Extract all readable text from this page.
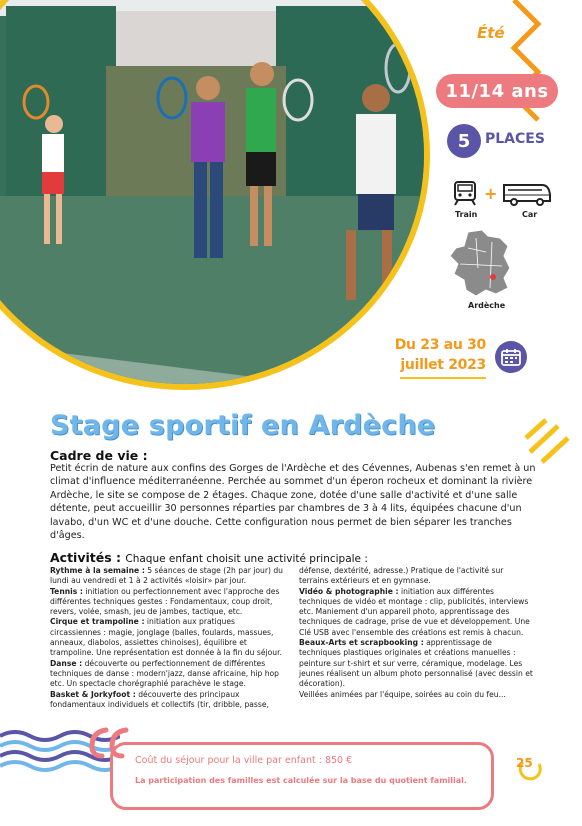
Été
11/14 ans
5	PLACES
+
Train	Car
Ardèche
Du 23 au 30
juillet 2023
Stage sportif en Ardèche
Cadre de vie :
Petit écrin de nature aux confins des Gorges de l'Ardèche et des Cévennes, Aubenas s'en remet à un climat d'influence méditerranéenne. Perchée au sommet d'un éperon rocheux et dominant la rivière Ardèche, le site se compose de 2 étages. Chaque zone, dotée d'une salle d'activité et d'une salle détente, peut accueillir 30 personnes réparties par chambres de 3 à 4 lits, équipées chacune d'un lavabo, d'un WC et d'une douche. Cette configuration nous permet de bien séparer les tranches d'âges.
Activités : Chaque enfant choisit une activité principale :
Rythme à la semaine : 5 séances de stage (2h par jour) du lundi au vendredi et 1 à 2 activités «loisir» par jour.
Tennis : initiation ou perfectionnement avec l'approche des différentes techniques gestes : Fondamentaux, coup droit, revers, volée, smash, jeu de jambes, tactique, etc.
Cirque et trampoline : initiation aux pratiques circassiennes : magie, jonglage (balles, foulards, massues, anneaux, diabolos, assiettes chinoises), équilibre et trampoline. Une représentation est donnée à la fin du séjour.
Danse : découverte ou perfectionnement de différentes techniques de danse : modern'jazz, danse africaine, hip hop etc. Un spectacle chorégraphié parachève le stage.
Basket & Jorkyfoot : découverte des principaux fondamentaux individuels et collectifs (tir, dribble, passe,
défense, dextérité, adresse.) Pratique de l'activité sur terrains extérieurs et en gymnase.
Vidéo & photographie : initiation aux différentes techniques de vidéo et montage : clip, publicités, interviews etc. Maniement d'un appareil photo, apprentissage des techniques de cadrage, prise de vue et développement. Une Clé USB avec l'ensemble des créations est remis à chacun.
Beaux-Arts et scrapbooking : apprentissage de techniques plastiques originales et créations manuelles : peinture sur t-shirt et sur verre, céramique, modelage. Les jeunes réalisent un album photo personnalisé (avec dessin et décoration).
Veillées animées par l'équipe, soirées au coin du feu...
Coût du séjour pour la ville par enfant : 850 €
La participation des familles est calculée sur la base du quotient familial.
25
